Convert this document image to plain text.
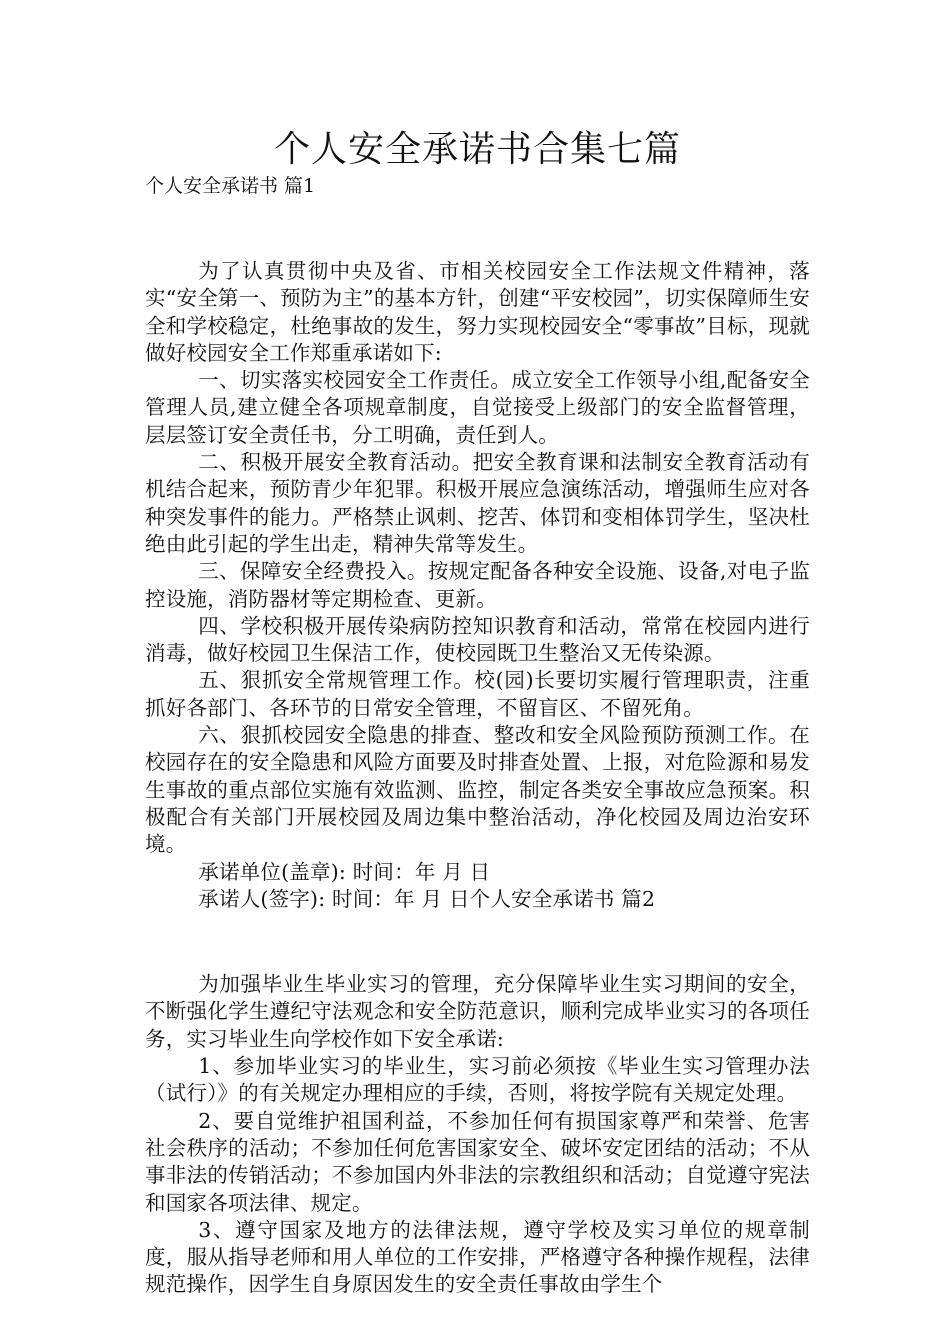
个人安全承诺书合集七篇

个人安全承诺书 篇1

为了认真贯彻中央及省、市相关校园安全工作法规文件精神，落实“安全第一、预防为主”的基本方针，创建“平安校园”，切实保障师生安全和学校稳定，杜绝事故的发生，努力实现校园安全“零事故”目标，现就做好校园安全工作郑重承诺如下:

一、切实落实校园安全工作责任。成立安全工作领导小组,配备安全管理人员,建立健全各项规章制度，自觉接受上级部门的安全监督管理，层层签订安全责任书，分工明确，责任到人。

二、积极开展安全教育活动。把安全教育课和法制安全教育活动有机结合起来，预防青少年犯罪。积极开展应急演练活动，增强师生应对各种突发事件的能力。严格禁止讽刺、挖苦、体罚和变相体罚学生，坚决杜绝由此引起的学生出走，精神失常等发生。

三、保障安全经费投入。按规定配备各种安全设施、设备,对电子监控设施，消防器材等定期检查、更新。

四、学校积极开展传染病防控知识教育和活动，常常在校园内进行消毒，做好校园卫生保洁工作，使校园既卫生整治又无传染源。

五、狠抓安全常规管理工作。校(园)长要切实履行管理职责，注重抓好各部门、各环节的日常安全管理，不留盲区、不留死角。

六、狠抓校园安全隐患的排查、整改和安全风险预防预测工作。在校园存在的安全隐患和风险方面要及时排查处置、上报，对危险源和易发生事故的重点部位实施有效监测、监控，制定各类安全事故应急预案。积极配合有关部门开展校园及周边集中整治活动，净化校园及周边治安环境。

承诺单位(盖章): 时间：年 月 日

承诺人(签字): 时间：年 月 日个人安全承诺书 篇2

为加强毕业生毕业实习的管理，充分保障毕业生实习期间的安全，不断强化学生遵纪守法观念和安全防范意识，顺利完成毕业实习的各项任务，实习毕业生向学校作如下安全承诺:

1、参加毕业实习的毕业生，实习前必须按《毕业生实习管理办法（试行）》的有关规定办理相应的手续，否则，将按学院有关规定处理。

2、要自觉维护祖国利益，不参加任何有损国家尊严和荣誉、危害社会秩序的活动；不参加任何危害国家安全、破坏安定团结的活动；不从事非法的传销活动；不参加国内外非法的宗教组织和活动；自觉遵守宪法和国家各项法律、规定。

3、遵守国家及地方的法律法规，遵守学校及实习单位的规章制度，服从指导老师和用人单位的工作安排，严格遵守各种操作规程，法律规范操作，因学生自身原因发生的安全责任事故由学生个
